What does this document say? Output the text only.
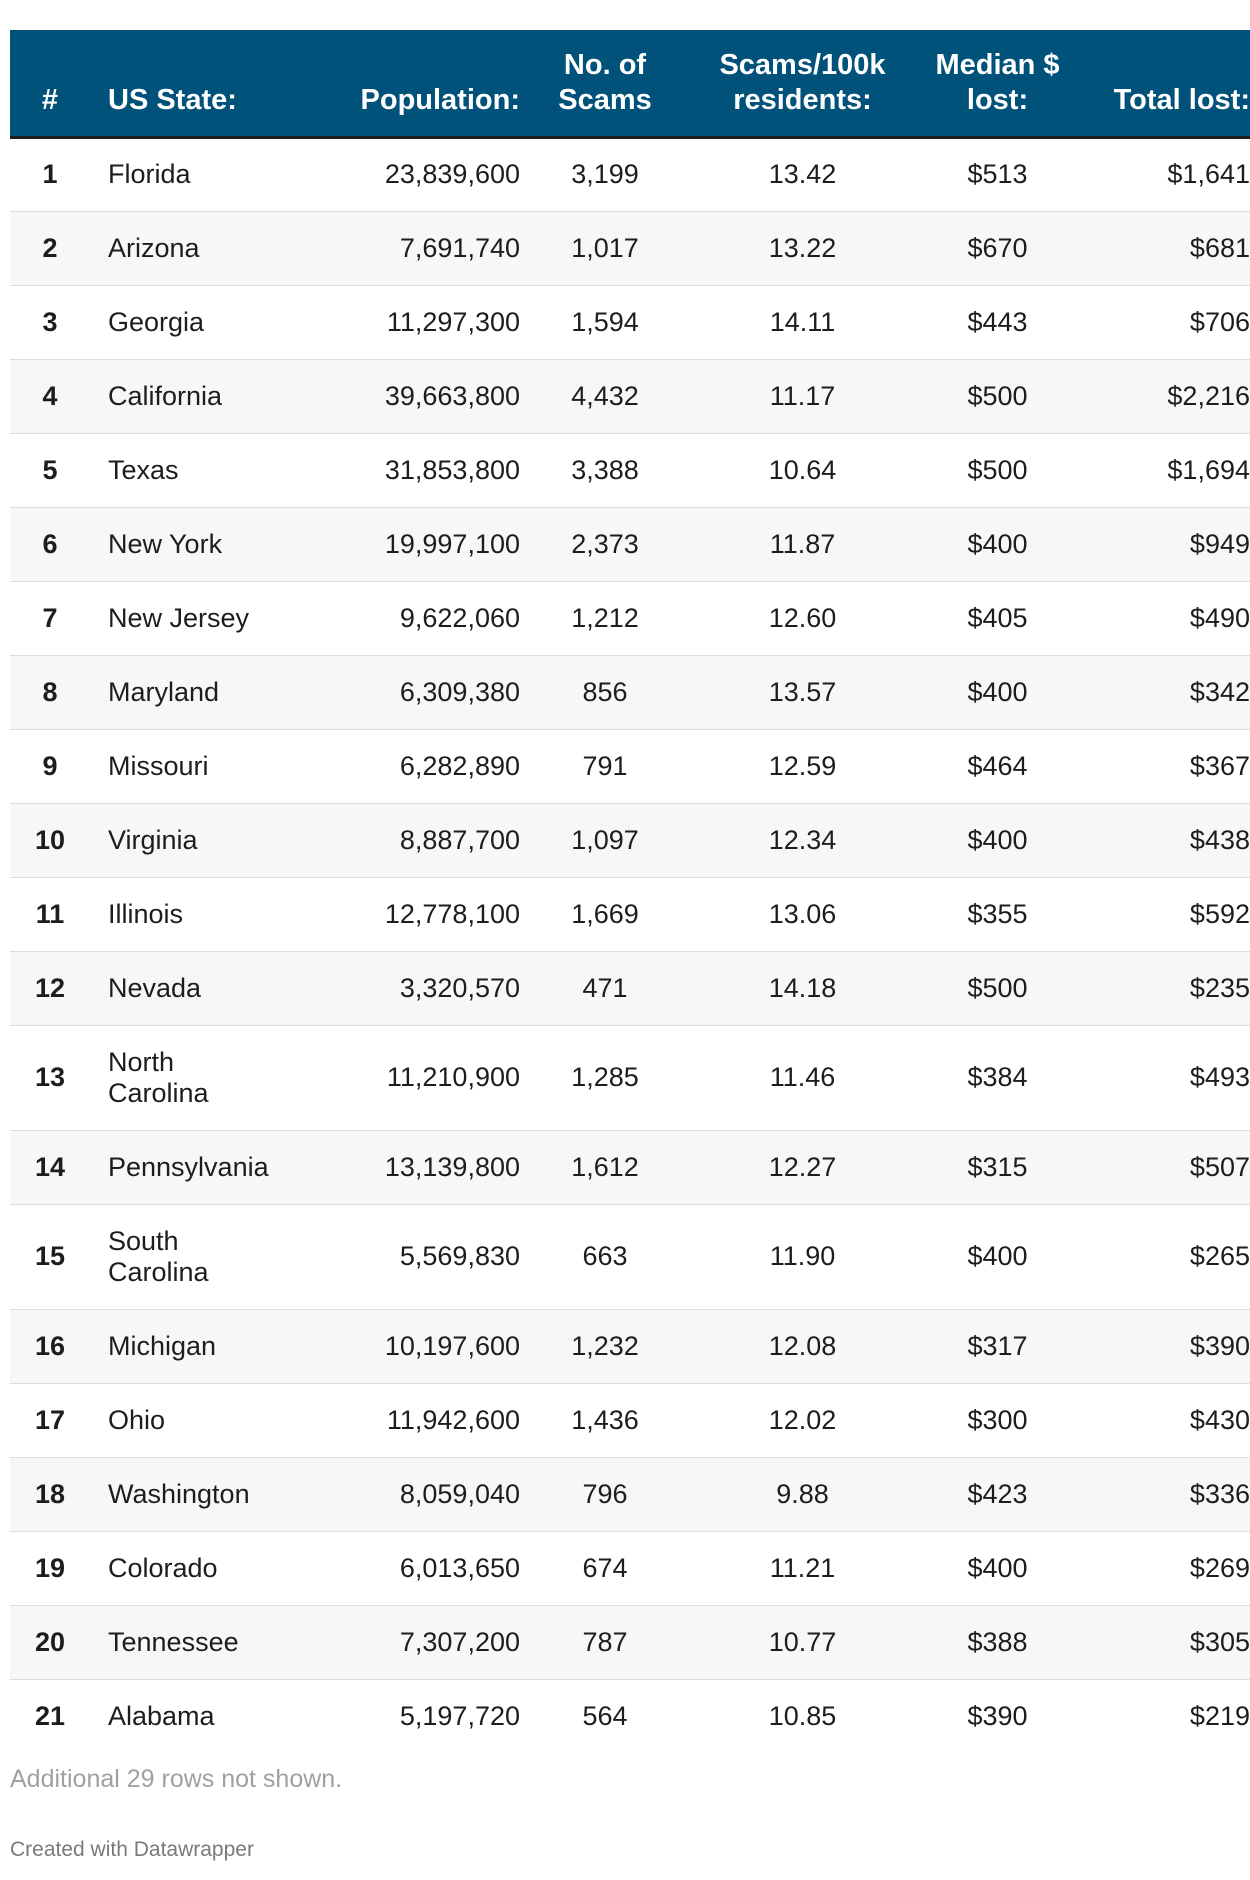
#	US State:	Population:	No. of Scams	Scams/100k residents:	Median $ lost:	Total lost:
1	Florida	23,839,600	3,199	13.42	$513	$1,641
2	Arizona	7,691,740	1,017	13.22	$670	$681
3	Georgia	11,297,300	1,594	14.11	$443	$706
4	California	39,663,800	4,432	11.17	$500	$2,216
5	Texas	31,853,800	3,388	10.64	$500	$1,694
6	New York	19,997,100	2,373	11.87	$400	$949
7	New Jersey	9,622,060	1,212	12.60	$405	$490
8	Maryland	6,309,380	856	13.57	$400	$342
9	Missouri	6,282,890	791	12.59	$464	$367
10	Virginia	8,887,700	1,097	12.34	$400	$438
11	Illinois	12,778,100	1,669	13.06	$355	$592
12	Nevada	3,320,570	471	14.18	$500	$235
13	North Carolina	11,210,900	1,285	11.46	$384	$493
14	Pennsylvania	13,139,800	1,612	12.27	$315	$507
15	South Carolina	5,569,830	663	11.90	$400	$265
16	Michigan	10,197,600	1,232	12.08	$317	$390
17	Ohio	11,942,600	1,436	12.02	$300	$430
18	Washington	8,059,040	796	9.88	$423	$336
19	Colorado	6,013,650	674	11.21	$400	$269
20	Tennessee	7,307,200	787	10.77	$388	$305
21	Alabama	5,197,720	564	10.85	$390	$219
Additional 29 rows not shown.
Created with Datawrapper
